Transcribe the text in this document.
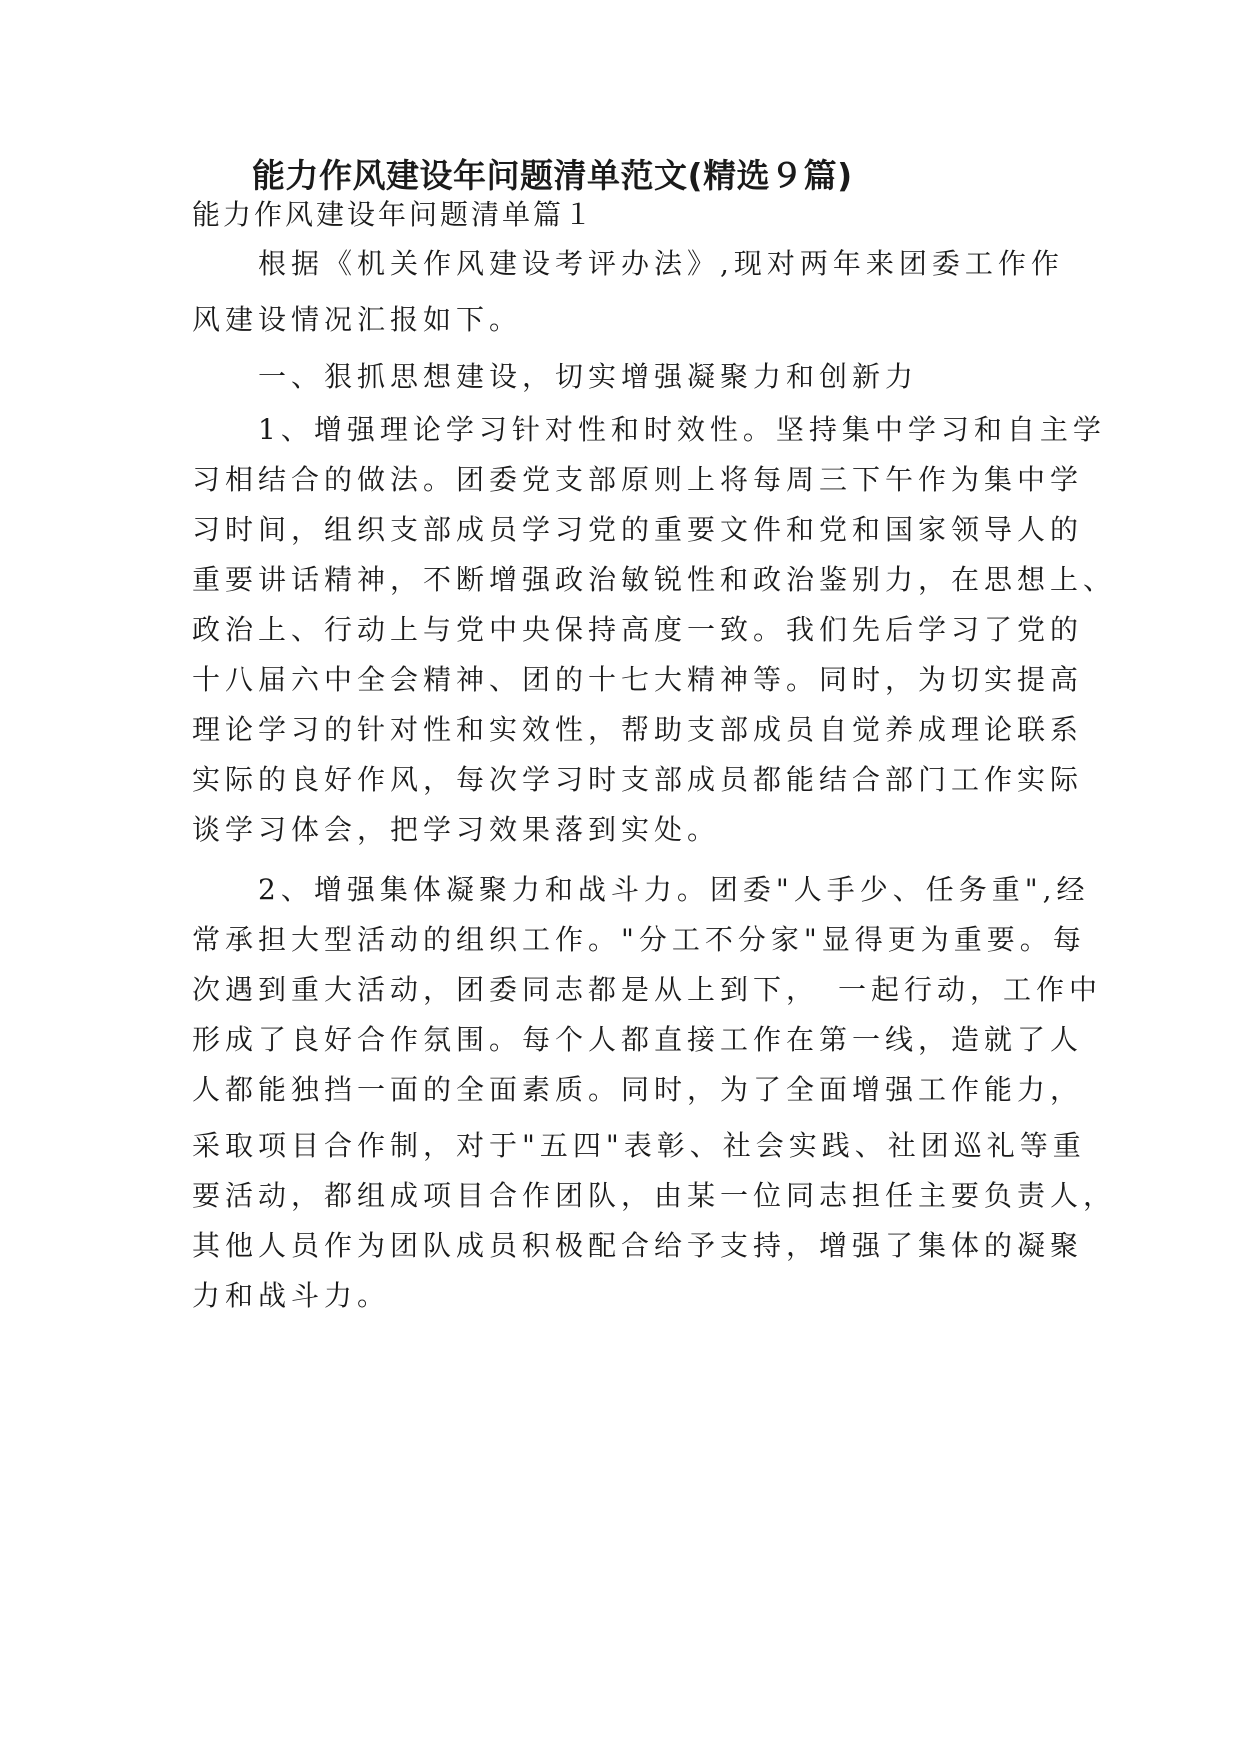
能力作风建设年问题清单范文(精选９篇)
能力作风建设年问题清单篇１
　　根据《机关作风建设考评办法》,现对两年来团委工作作
风建设情况汇报如下。
　　一、狠抓思想建设，切实增强凝聚力和创新力
　　1、增强理论学习针对性和时效性。坚持集中学习和自主学
习相结合的做法。团委党支部原则上将每周三下午作为集中学
习时间，组织支部成员学习党的重要文件和党和国家领导人的
重要讲话精神，不断增强政治敏锐性和政治鉴别力，在思想上、
政治上、行动上与党中央保持高度一致。我们先后学习了党的
十八届六中全会精神、团的十七大精神等。同时，为切实提高
理论学习的针对性和实效性，帮助支部成员自觉养成理论联系
实际的良好作风，每次学习时支部成员都能结合部门工作实际
谈学习体会，把学习效果落到实处。
　　2、增强集体凝聚力和战斗力。团委"人手少、任务重",经
常承担大型活动的组织工作。"分工不分家"显得更为重要。每
次遇到重大活动，团委同志都是从上到下，　一起行动，工作中
形成了良好合作氛围。每个人都直接工作在第一线，造就了人
人都能独挡一面的全面素质。同时，为了全面增强工作能力，
采取项目合作制，对于"五四"表彰、社会实践、社团巡礼等重
要活动，都组成项目合作团队，由某一位同志担任主要负责人，
其他人员作为团队成员积极配合给予支持，增强了集体的凝聚
力和战斗力。
